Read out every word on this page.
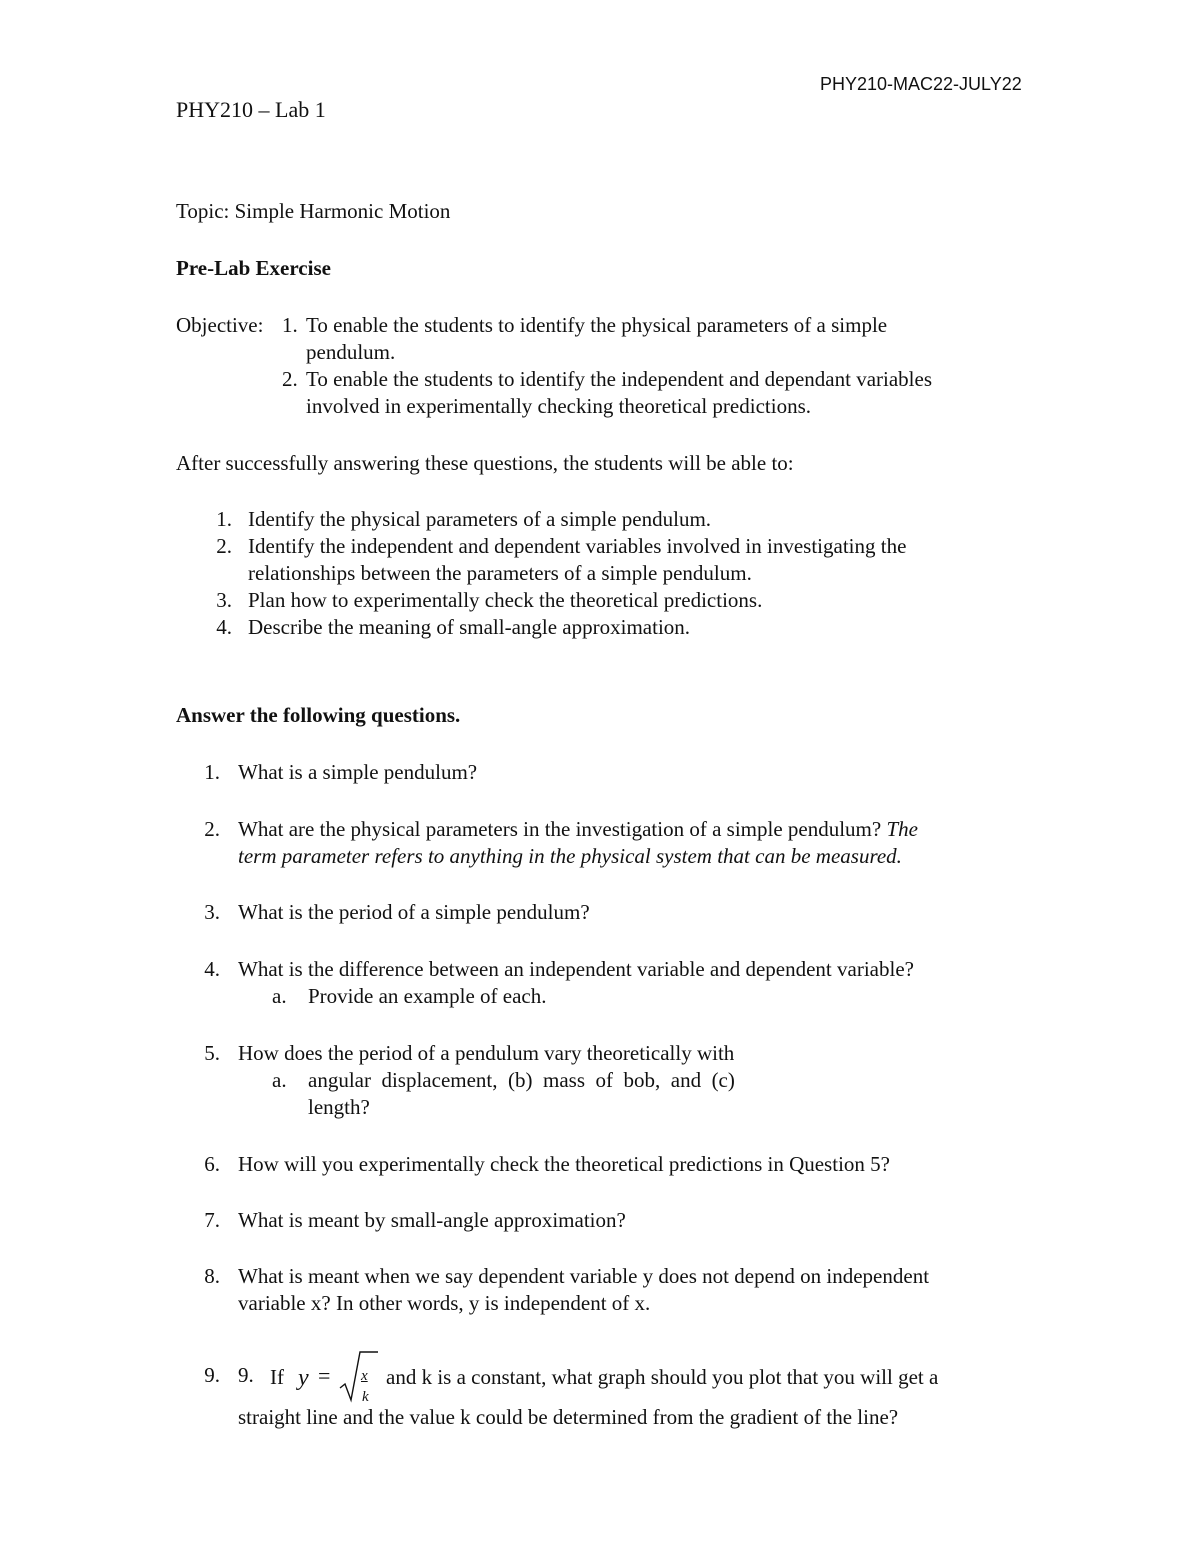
PHY210-MAC22-JULY22
PHY210 – Lab 1
Topic: Simple Harmonic Motion
Pre-Lab Exercise
Objective: 1. To enable the students to identify the physical parameters of a simple
pendulum.
2. To enable the students to identify the independent and dependant variables
involved in experimentally checking theoretical predictions.
After successfully answering these questions, the students will be able to:
1. Identify the physical parameters of a simple pendulum.
2. Identify the independent and dependent variables involved in investigating the
relationships between the parameters of a simple pendulum.
3. Plan how to experimentally check the theoretical predictions.
4. Describe the meaning of small-angle approximation.
Answer the following questions.
1. What is a simple pendulum?
2. What are the physical parameters in the investigation of a simple pendulum? The
term parameter refers to anything in the physical system that can be measured.
3. What is the period of a simple pendulum?
4. What is the difference between an independent variable and dependent variable?
a. Provide an example of each.
5. How does the period of a pendulum vary theoretically with
a. angular  displacement,  (b)  mass  of  bob,  and  (c)
length?
6. How will you experimentally check the theoretical predictions in Question 5?
7. What is meant by small-angle approximation?
8. What is meant when we say dependent variable y does not depend on independent
variable x? In other words, y is independent of x.
9. 9. If y = x
k
and k is a constant, what graph should you plot that you will get a
straight line and the value k could be determined from the gradient of the line?
